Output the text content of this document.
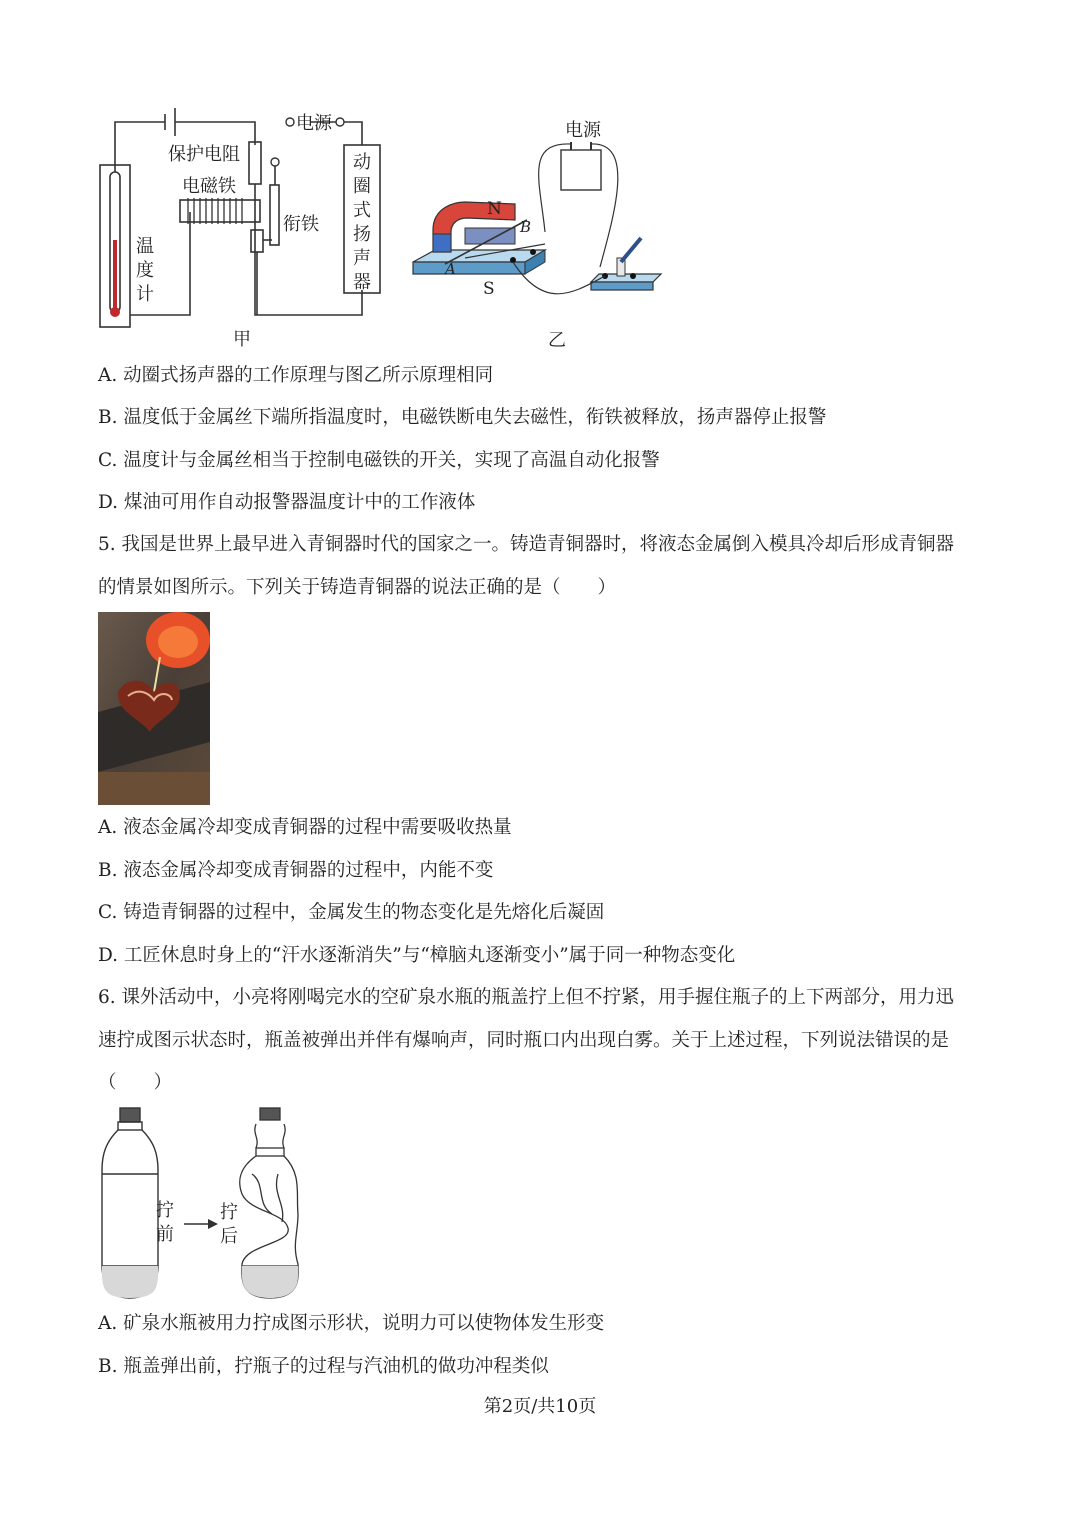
电源
保护电阻
电磁铁
衔铁
动
圈
式
扬
声
器
温
度
计
甲
电源
N
S
A
B
乙
A. 动圈式扬声器的工作原理与图乙所示原理相同
B. 温度低于金属丝下端所指温度时，电磁铁断电失去磁性，衔铁被释放，扬声器停止报警
C. 温度计与金属丝相当于控制电磁铁的开关，实现了高温自动化报警
D. 煤油可用作自动报警器温度计中的工作液体
5. 我国是世界上最早进入青铜器时代的国家之一。铸造青铜器时，将液态金属倒入模具冷却后形成青铜器
的情景如图所示。下列关于铸造青铜器的说法正确的是（　　）
A. 液态金属冷却变成青铜器的过程中需要吸收热量
B. 液态金属冷却变成青铜器的过程中，内能不变
C. 铸造青铜器的过程中，金属发生的物态变化是先熔化后凝固
D. 工匠休息时身上的“汗水逐渐消失”与“樟脑丸逐渐变小”属于同一种物态变化
6. 课外活动中，小亮将刚喝完水的空矿泉水瓶的瓶盖拧上但不拧紧，用手握住瓶子的上下两部分，用力迅
速拧成图示状态时，瓶盖被弹出并伴有爆响声，同时瓶口内出现白雾。关于上述过程，下列说法错误的是
（　　）
拧
前
拧
后
A. 矿泉水瓶被用力拧成图示形状，说明力可以使物体发生形变
B. 瓶盖弹出前，拧瓶子的过程与汽油机的做功冲程类似
第2页/共10页
